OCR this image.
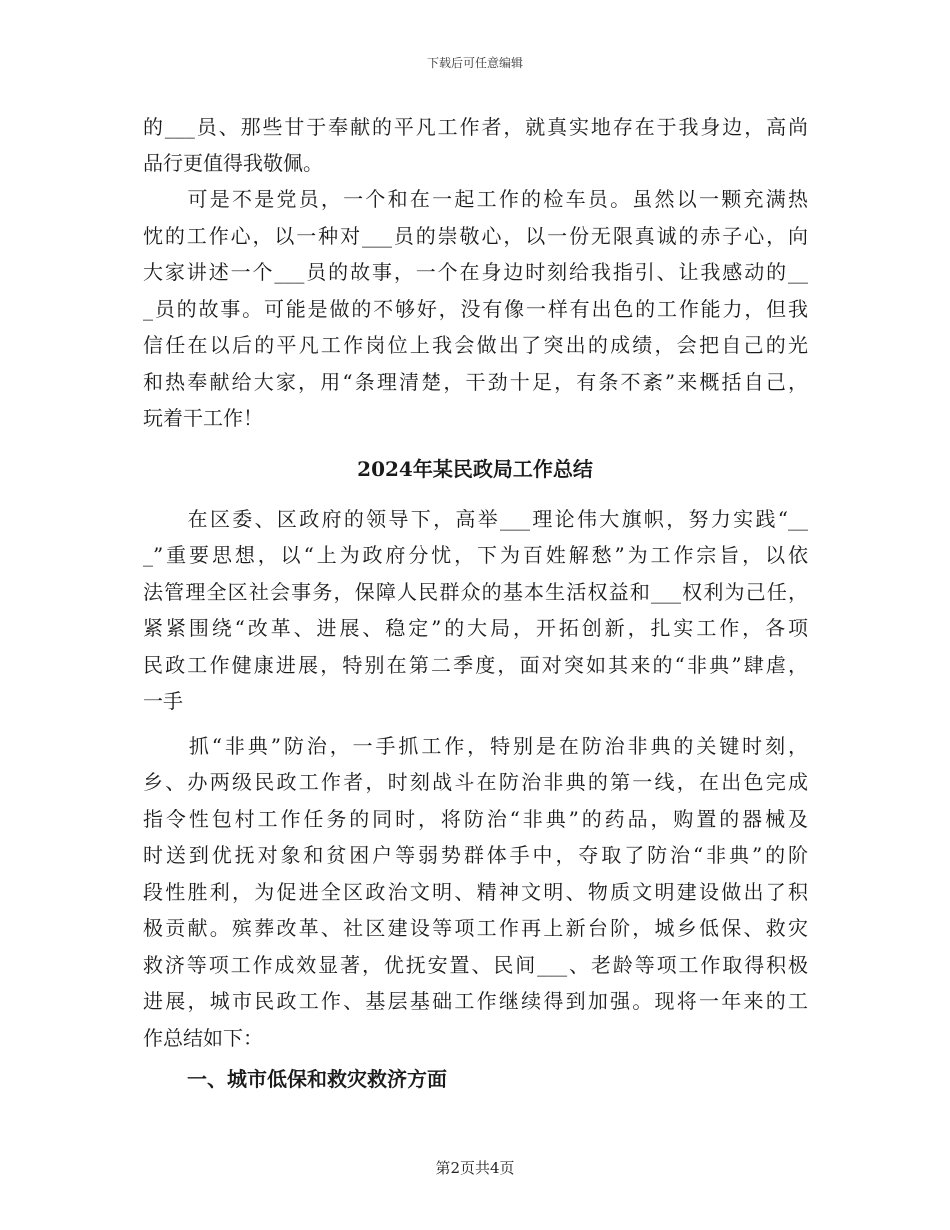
下载后可任意编辑
的___员、那些甘于奉献的平凡工作者，就真实地存在于我身边，高尚
品行更值得我敬佩。
　　可是不是党员，一个和在一起工作的检车员。虽然以一颗充满热
忱的工作心，以一种对___员的崇敬心，以一份无限真诚的赤子心，向
大家讲述一个___员的故事，一个在身边时刻给我指引、让我感动的__
_员的故事。可能是做的不够好，没有像一样有出色的工作能力，但我
信任在以后的平凡工作岗位上我会做出了突出的成绩，会把自己的光
和热奉献给大家，用“条理清楚，干劲十足，有条不紊”来概括自己，
玩着干工作！
2024年某民政局工作总结
　　在区委、区政府的领导下，高举___理论伟大旗帜，努力实践“__
_”重要思想，以“上为政府分忧，下为百姓解愁”为工作宗旨，以依
法管理全区社会事务，保障人民群众的基本生活权益和___权利为己任，
紧紧围绕“改革、进展、稳定”的大局，开拓创新，扎实工作，各项
民政工作健康进展，特别在第二季度，面对突如其来的“非典”肆虐，
一手
　　抓“非典”防治，一手抓工作，特别是在防治非典的关键时刻，
乡、办两级民政工作者，时刻战斗在防治非典的第一线，在出色完成
指令性包村工作任务的同时，将防治“非典”的药品，购置的器械及
时送到优抚对象和贫困户等弱势群体手中，夺取了防治“非典”的阶
段性胜利，为促进全区政治文明、精神文明、物质文明建设做出了积
极贡献。殡葬改革、社区建设等项工作再上新台阶，城乡低保、救灾
救济等项工作成效显著，优抚安置、民间___、老龄等项工作取得积极
进展，城市民政工作、基层基础工作继续得到加强。现将一年来的工
作总结如下：
一、城市低保和救灾救济方面
第2页共4页
